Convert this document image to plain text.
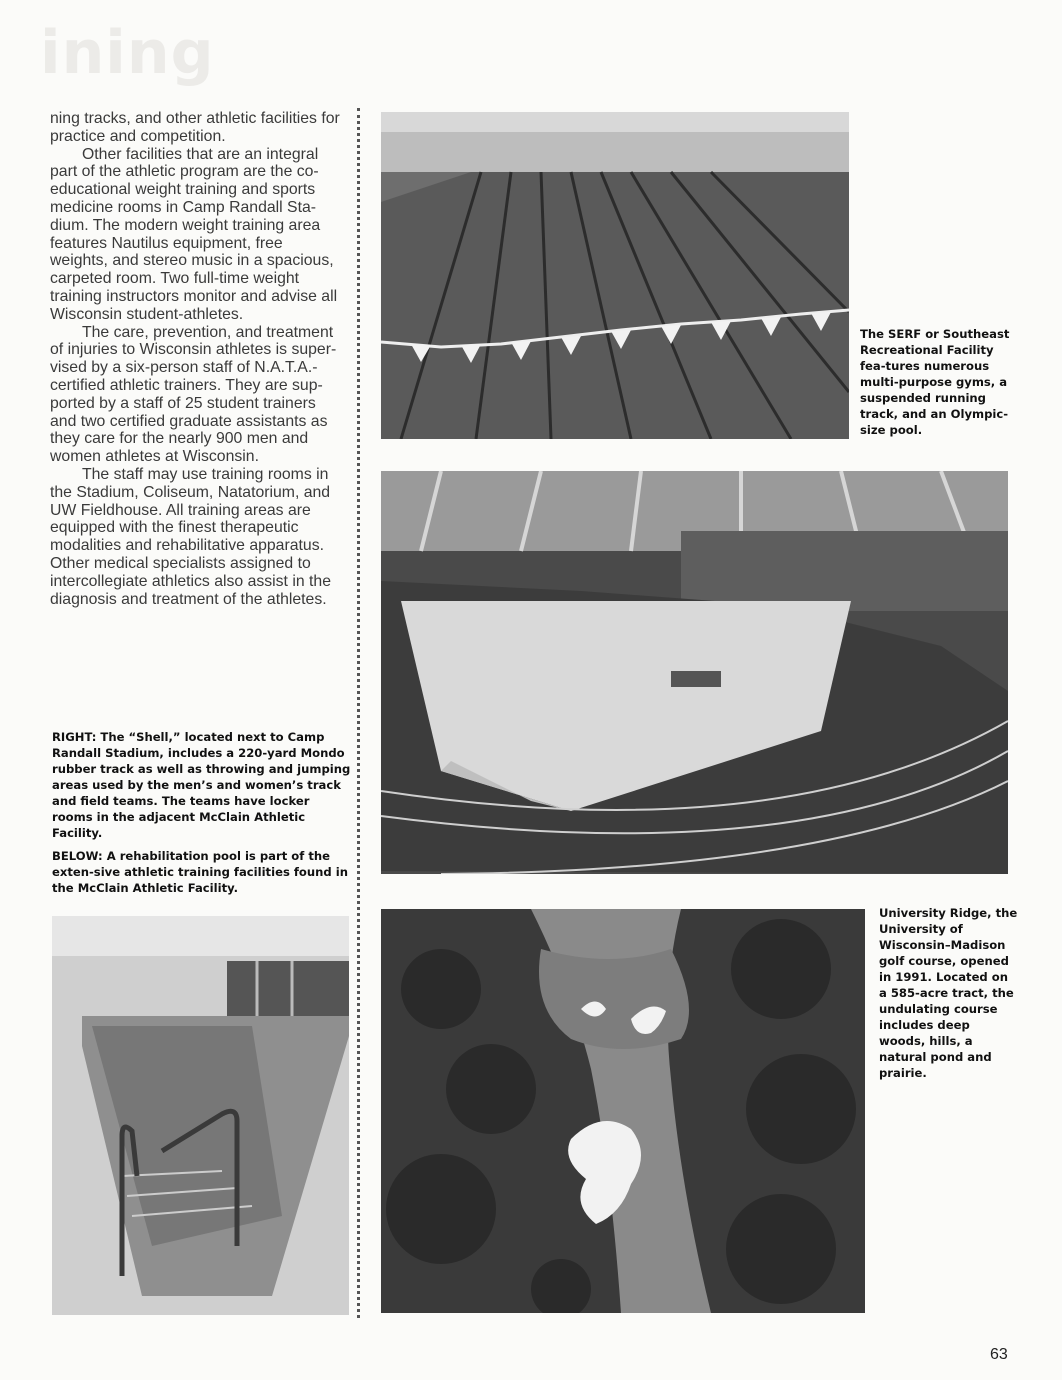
ining

ning tracks, and other athletic facilities for practice and competition.

Other facilities that are an integral part of the athletic program are the co-educational weight training and sports medicine rooms in Camp Randall Sta-dium. The modern weight training area features Nautilus equipment, free weights, and stereo music in a spacious, carpeted room. Two full-time weight training instructors monitor and advise all Wisconsin student-athletes.

The care, prevention, and treatment of injuries to Wisconsin athletes is super-vised by a six-person staff of N.A.T.A.-certified athletic trainers. They are sup-ported by a staff of 25 student trainers and two certified graduate assistants as they care for the nearly 900 men and women athletes at Wisconsin.

The staff may use training rooms in the Stadium, Coliseum, Natatorium, and UW Fieldhouse. All training areas are equipped with the finest therapeutic modalities and rehabilitative apparatus. Other medical specialists assigned to intercollegiate athletics also assist in the diagnosis and treatment of the athletes.

The SERF or Southeast Recreational Facility fea-tures numerous multi-purpose gyms, a suspended running track, and an Olympic-size pool.
RIGHT: The “Shell,” located next to Camp Randall Stadium, includes a 220-yard Mondo rubber track as well as throwing and jumping areas used by the men’s and women’s track and field teams. The teams have locker rooms in the adjacent McClain Athletic Facility.
BELOW: A rehabilitation pool is part of the exten-sive athletic training facilities found in the McClain Athletic Facility.
University Ridge, the University of Wisconsin–Madison golf course, opened in 1991. Located on a 585-acre tract, the undulating course includes deep woods, hills, a natural pond and prairie.
63
